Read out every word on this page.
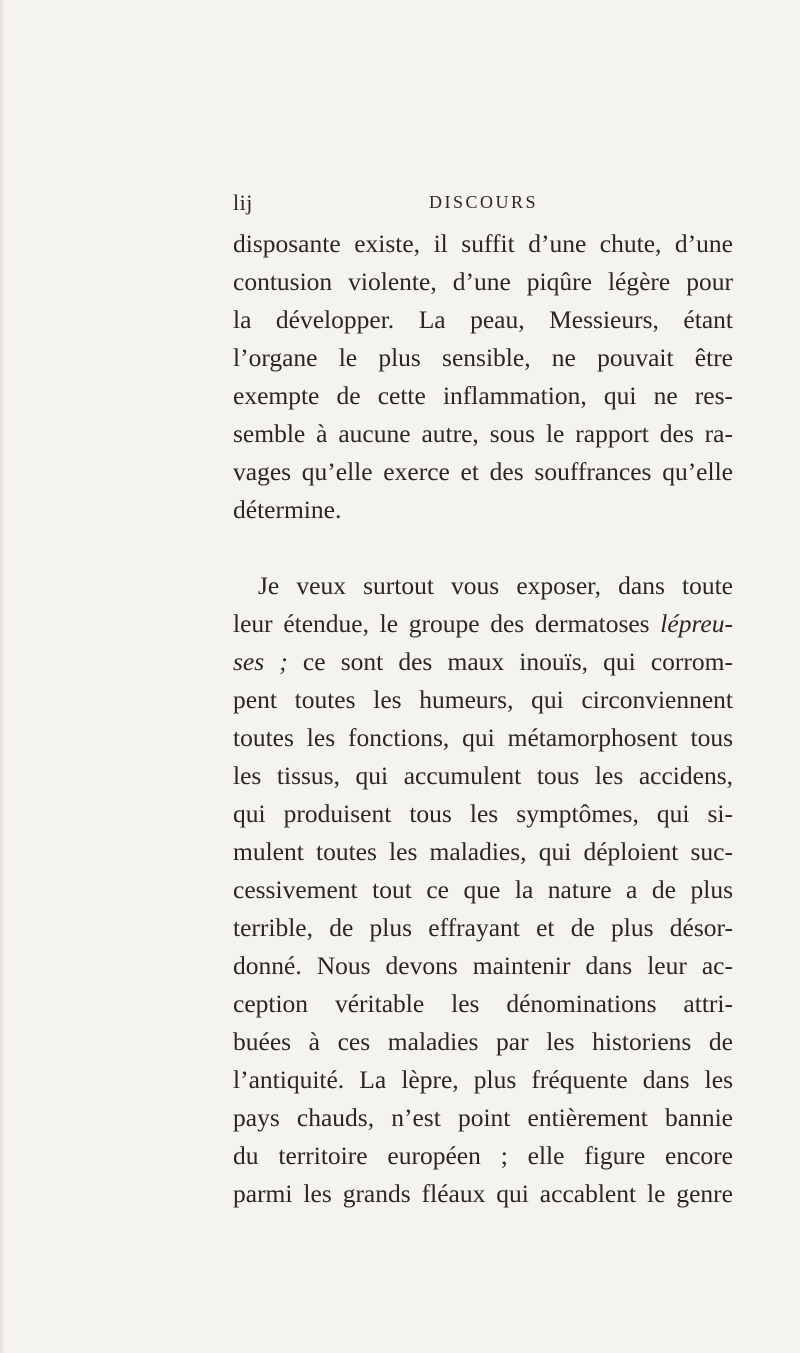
lij	DISCOURS
disposante existe, il suffit d’une chute, d’une
contusion violente, d’une piqûre légère pour
la développer. La peau, Messieurs, étant
l’organe le plus sensible, ne pouvait être
exempte de cette inflammation, qui ne res-
semble à aucune autre, sous le rapport des ra-
vages qu’elle exerce et des souffrances qu’elle
détermine.
Je veux surtout vous exposer, dans toute
leur étendue, le groupe des dermatoses lépreu-
ses ; ce sont des maux inouïs, qui corrom-
pent toutes les humeurs, qui circonviennent
toutes les fonctions, qui métamorphosent tous
les tissus, qui accumulent tous les accidens,
qui produisent tous les symptômes, qui si-
mulent toutes les maladies, qui déploient suc-
cessivement tout ce que la nature a de plus
terrible, de plus effrayant et de plus désor-
donné. Nous devons maintenir dans leur ac-
ception véritable les dénominations attri-
buées à ces maladies par les historiens de
l’antiquité. La lèpre, plus fréquente dans les
pays chauds, n’est point entièrement bannie
du territoire européen ; elle figure encore
parmi les grands fléaux qui accablent le genre
